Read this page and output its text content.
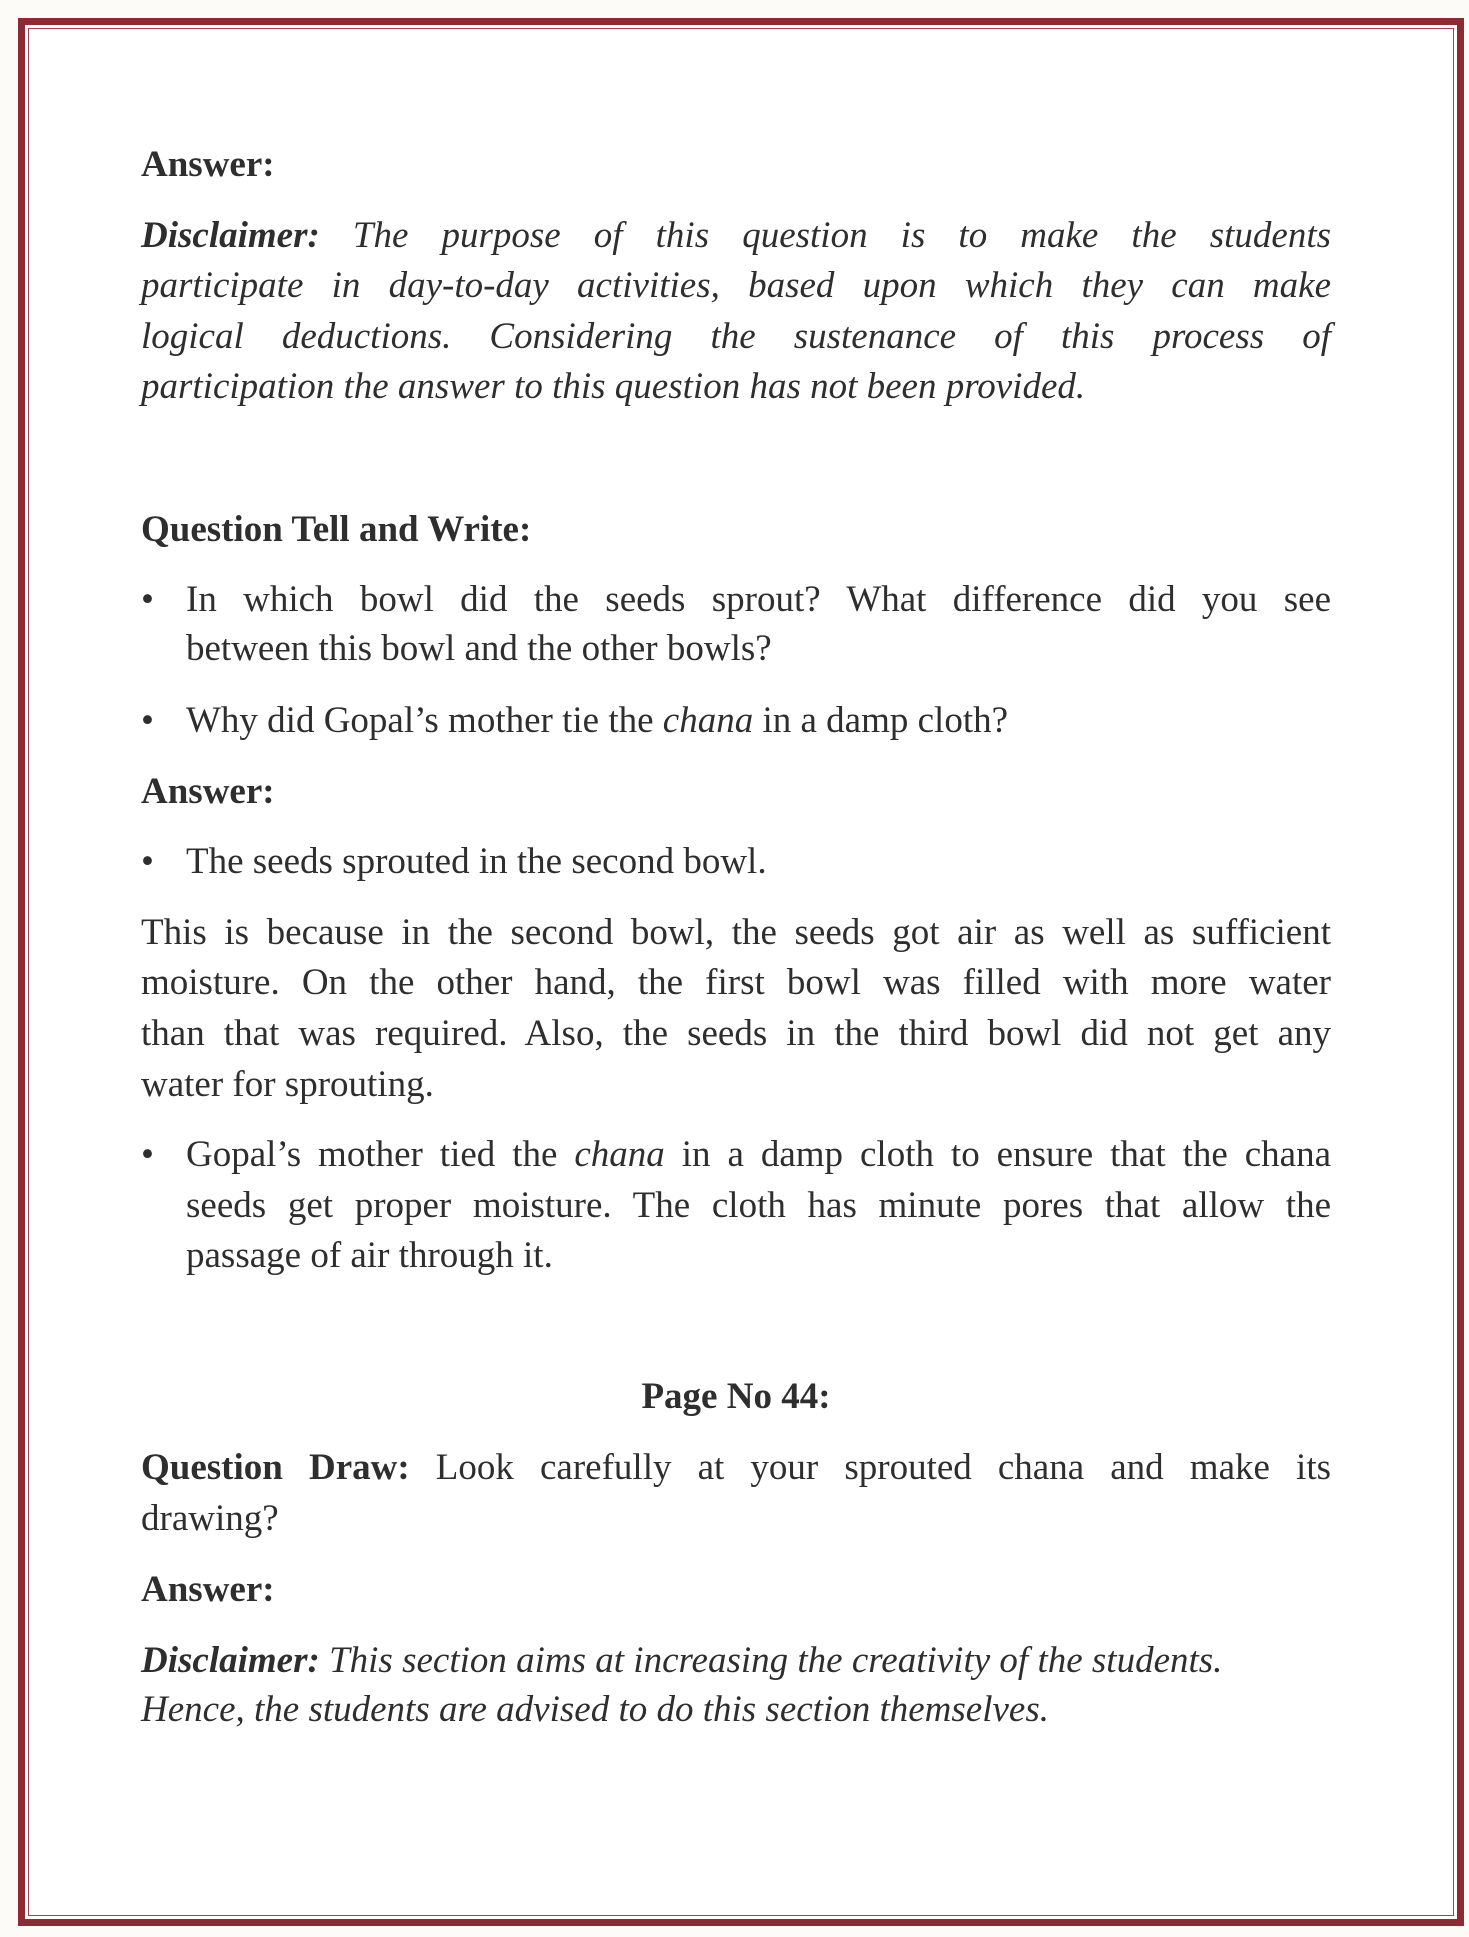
Answer:
Disclaimer: The purpose of this question is to make the students
participate in day-to-day activities, based upon which they can make
logical deductions. Considering the sustenance of this process of
participation the answer to this question has not been provided.
Question Tell and Write:
• In which bowl did the seeds sprout? What difference did you see
between this bowl and the other bowls?
• Why did Gopal’s mother tie the chana in a damp cloth?
Answer:
• The seeds sprouted in the second bowl.
This is because in the second bowl, the seeds got air as well as sufficient
moisture. On the other hand, the first bowl was filled with more water
than that was required. Also, the seeds in the third bowl did not get any
water for sprouting.
• Gopal’s mother tied the chana in a damp cloth to ensure that the chana
seeds get proper moisture. The cloth has minute pores that allow the
passage of air through it.
Page No 44:
Question Draw: Look carefully at your sprouted chana and make its
drawing?
Answer:
Disclaimer: This section aims at increasing the creativity of the students.
Hence, the students are advised to do this section themselves.
